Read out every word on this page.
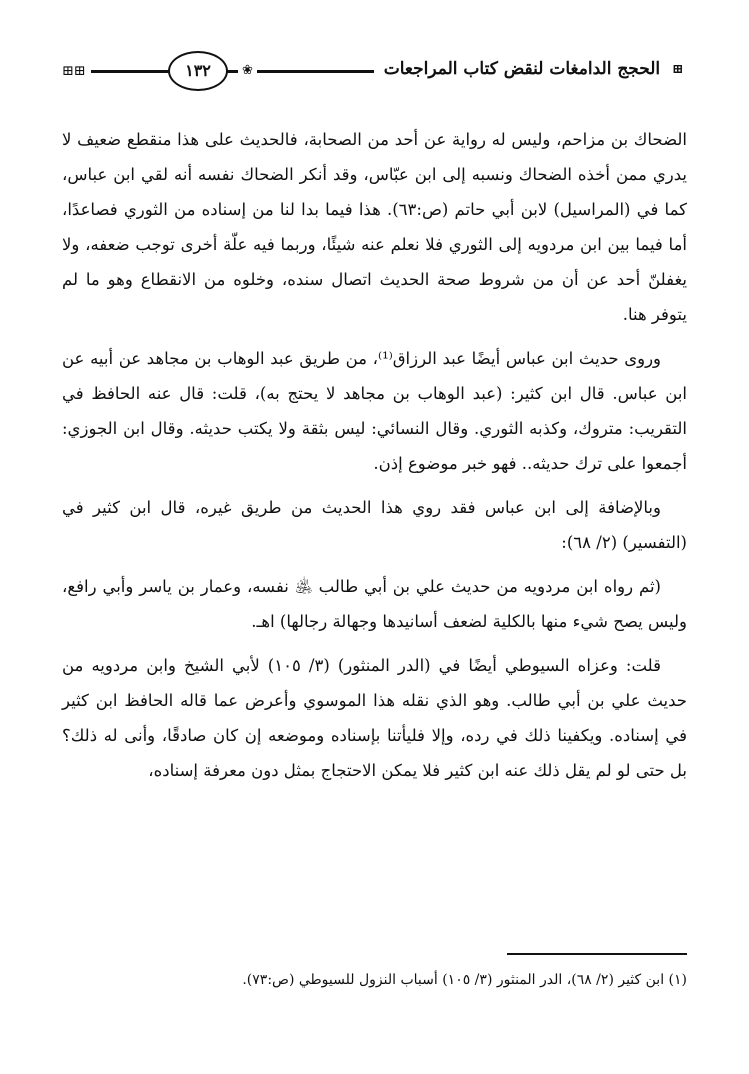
⊞ الحجج الدامغات لنقض كتاب المراجعات
❀
١٣٢
⊞⊞

الضحاك بن مزاحم، وليس له رواية عن أحد من الصحابة، فالحديث على هذا منقطع ضعيف لا يدري ممن أخذه الضحاك ونسبه إلى ابن عبّاس، وقد أنكر الضحاك نفسه أنه لقي ابن عباس، كما في (المراسيل) لابن أبي حاتم (ص:٦٣). هذا فيما بدا لنا من إسناده من الثوري فصاعدًا، أما فيما بين ابن مردويه إلى الثوري فلا نعلم عنه شيئًا، وربما فيه علّة أخرى توجب ضعفه، ولا يغفلنّ أحد عن أن من شروط صحة الحديث اتصال سنده، وخلوه من الانقطاع وهو ما لم يتوفر هنا.

وروى حديث ابن عباس أيضًا عبد الرزاق⁽¹⁾، من طريق عبد الوهاب بن مجاهد عن أبيه عن ابن عباس. قال ابن كثير: (عبد الوهاب بن مجاهد لا يحتج به)، قلت: قال عنه الحافظ في التقريب: متروك، وكذبه الثوري. وقال النسائي: ليس بثقة ولا يكتب حديثه. وقال ابن الجوزي: أجمعوا على ترك حديثه.. فهو خبر موضوع إذن.

وبالإضافة إلى ابن عباس فقد روي هذا الحديث من طريق غيره، قال ابن كثير في (التفسير) (٢/ ٦٨):

(ثم رواه ابن مردويه من حديث علي بن أبي طالب ﵁ نفسه، وعمار بن ياسر وأبي رافع، وليس يصح شيء منها بالكلية لضعف أسانيدها وجهالة رجالها) اهـ.

قلت: وعزاه السيوطي أيضًا في (الدر المنثور) (٣/ ١٠٥) لأبي الشيخ وابن مردويه من حديث علي بن أبي طالب. وهو الذي نقله هذا الموسوي وأعرض عما قاله الحافظ ابن كثير في إسناده. ويكفينا ذلك في رده، وإلا فليأتنا بإسناده وموضعه إن كان صادقًا، وأنى له ذلك؟ بل حتى لو لم يقل ذلك عنه ابن كثير فلا يمكن الاحتجاج بمثل دون معرفة إسناده،

(١) ابن كثير (٢/ ٦٨)، الدر المنثور (٣/ ١٠٥) أسباب النزول للسيوطي (ص:٧٣).
